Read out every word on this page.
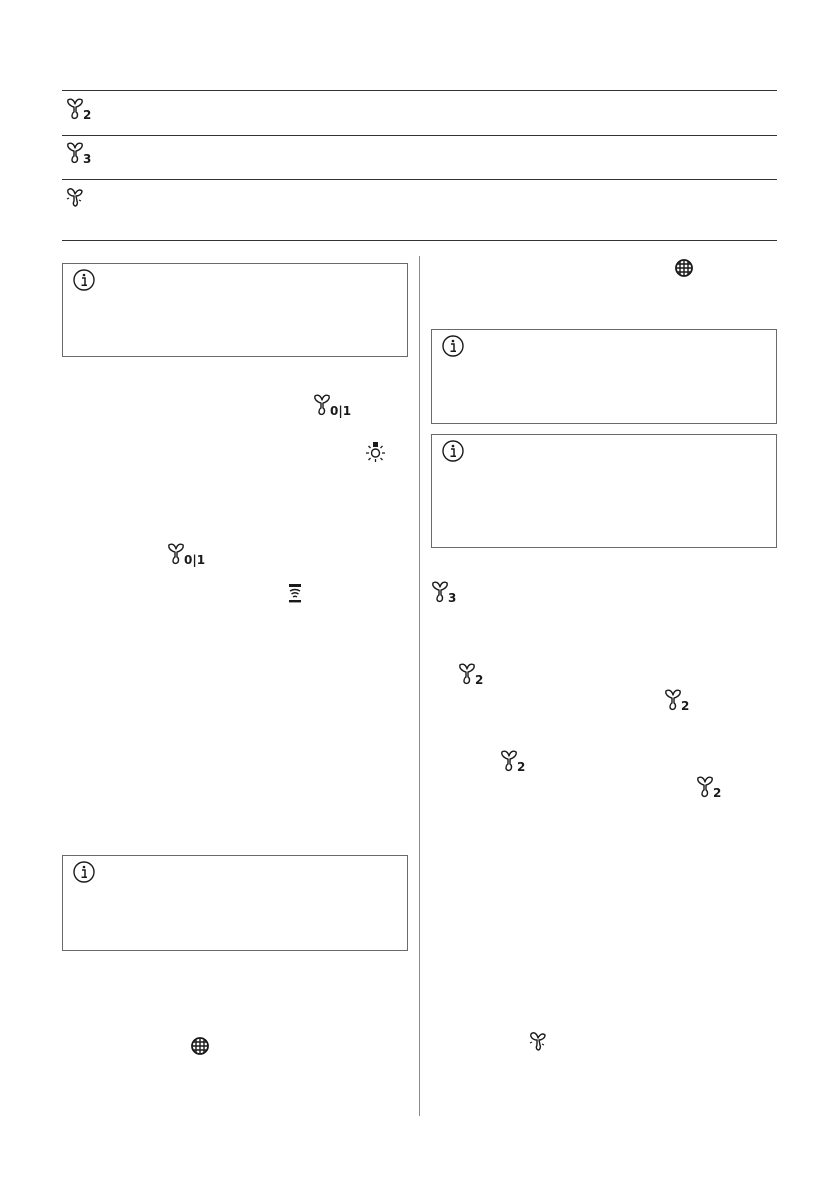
2
3
0|1
0|1
3
2
2
2
2
